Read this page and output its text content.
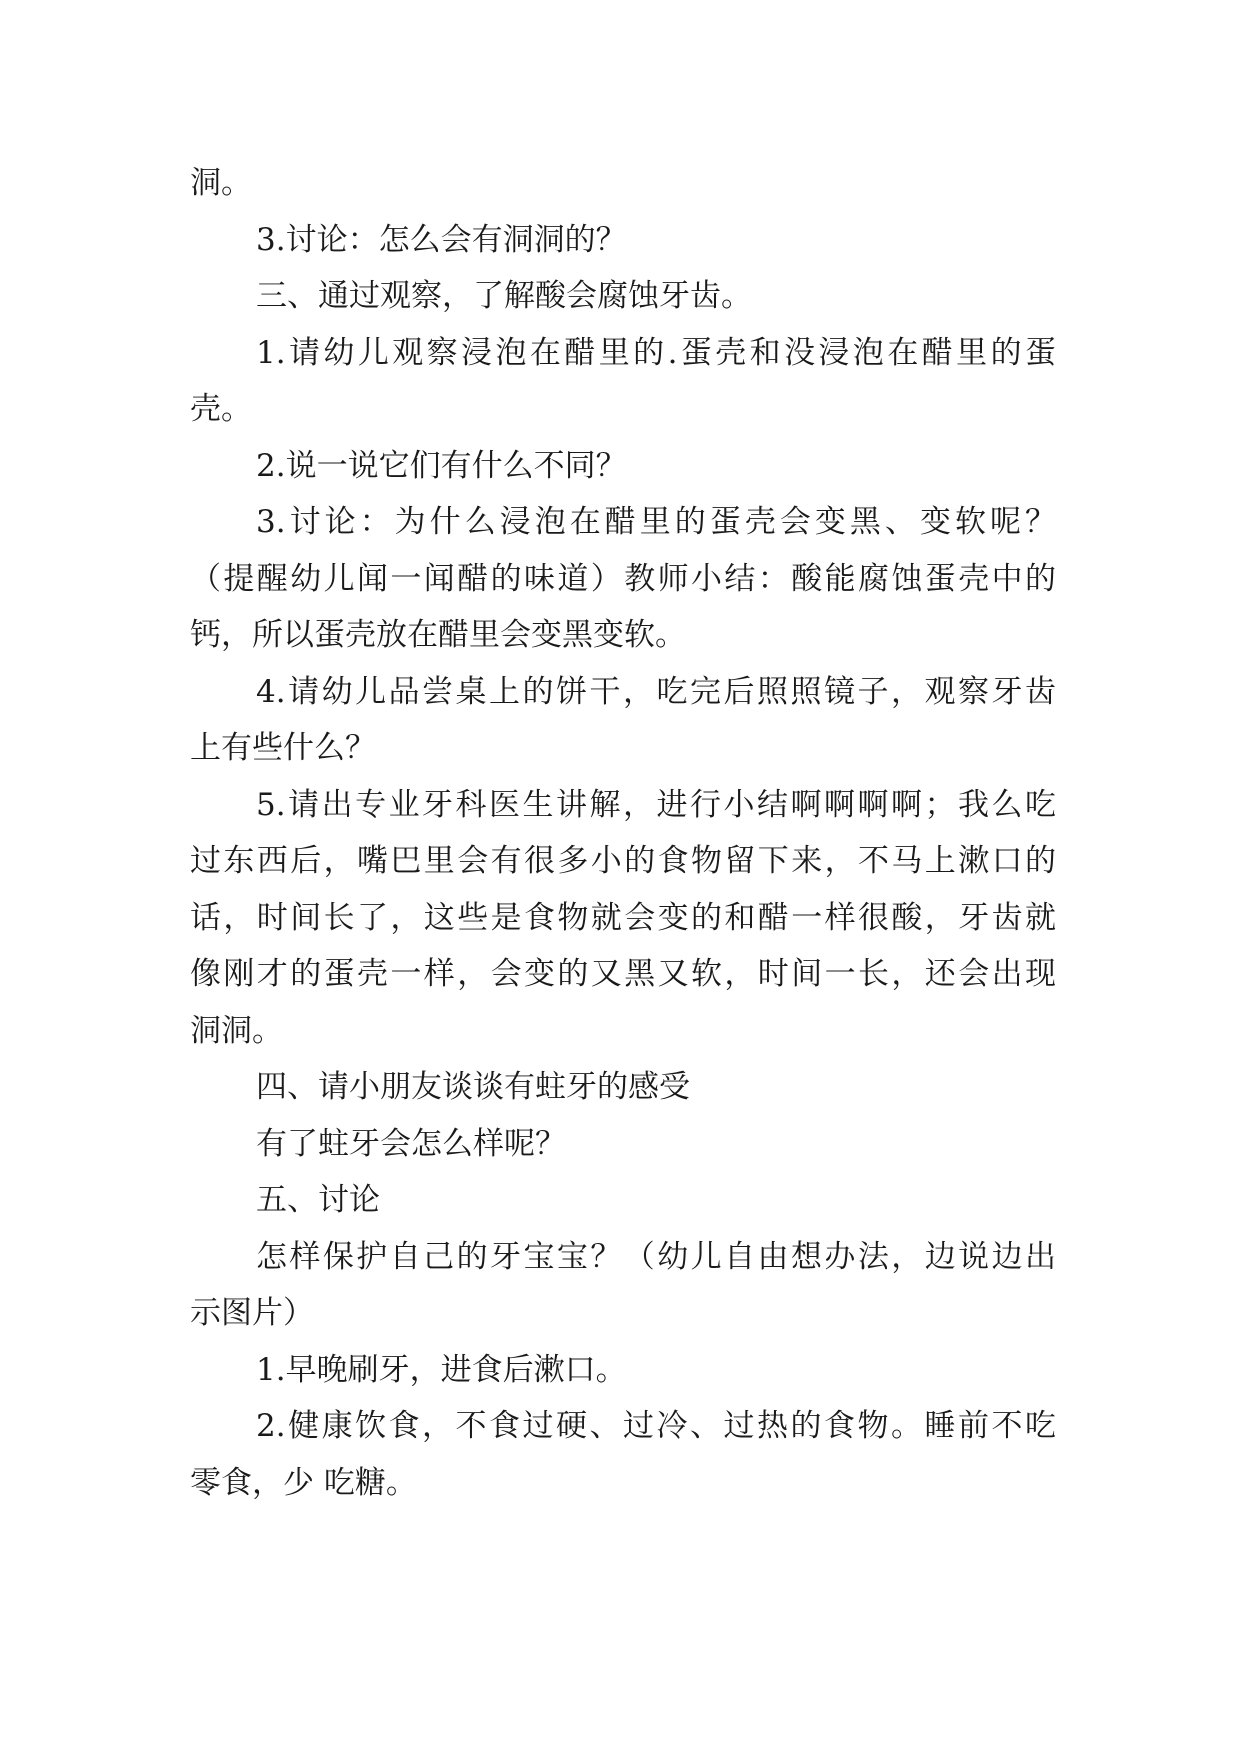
洞。
3.讨论：怎么会有洞洞的？
三、通过观察，了解酸会腐蚀牙齿。
1.请幼儿观察浸泡在醋里的.蛋壳和没浸泡在醋里的蛋
壳。
2.说一说它们有什么不同？
3.讨论：为什么浸泡在醋里的蛋壳会变黑、变软呢？
（提醒幼儿闻一闻醋的味道）教师小结：酸能腐蚀蛋壳中的
钙，所以蛋壳放在醋里会变黑变软。
4.请幼儿品尝桌上的饼干，吃完后照照镜子，观察牙齿
上有些什么？
5.请出专业牙科医生讲解，进行小结啊啊啊啊；我么吃
过东西后，嘴巴里会有很多小的食物留下来，不马上漱口的
话，时间长了，这些是食物就会变的和醋一样很酸，牙齿就
像刚才的蛋壳一样，会变的又黑又软，时间一长，还会出现
洞洞。
四、请小朋友谈谈有蛀牙的感受
有了蛀牙会怎么样呢？
五、讨论
怎样保护自己的牙宝宝？（幼儿自由想办法，边说边出
示图片）
1.早晚刷牙，进食后漱口。
2.健康饮食，不食过硬、过冷、过热的食物。睡前不吃
零食，少 吃糖。
